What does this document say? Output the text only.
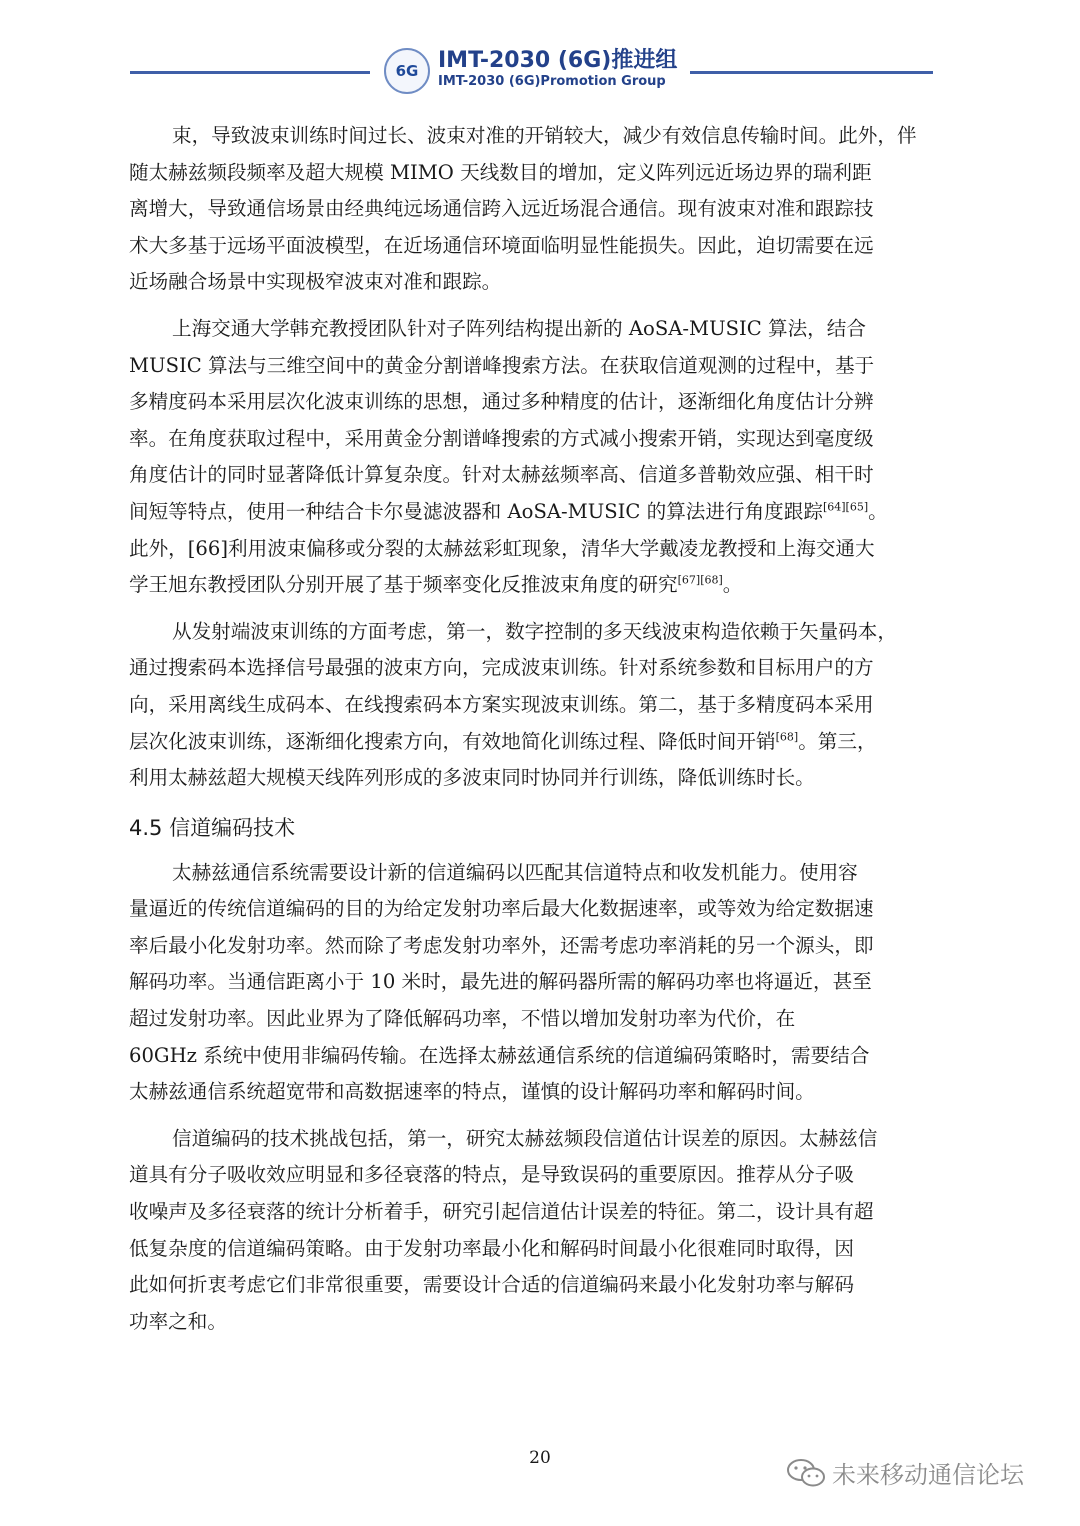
6G IMT-2030 (6G)推进组
IMT-2030 (6G)Promotion Group
束，导致波束训练时间过长、波束对准的开销较大，减少有效信息传输时间。此外，伴
随太赫兹频段频率及超大规模 MIMO 天线数目的增加，定义阵列远近场边界的瑞利距
离增大，导致通信场景由经典纯远场通信跨入远近场混合通信。现有波束对准和跟踪技
术大多基于远场平面波模型，在近场通信环境面临明显性能损失。因此，迫切需要在远
近场融合场景中实现极窄波束对准和跟踪。
上海交通大学韩充教授团队针对子阵列结构提出新的 AoSA-MUSIC 算法，结合
MUSIC 算法与三维空间中的黄金分割谱峰搜索方法。在获取信道观测的过程中，基于
多精度码本采用层次化波束训练的思想，通过多种精度的估计，逐渐细化角度估计分辨
率。在角度获取过程中，采用黄金分割谱峰搜索的方式减小搜索开销，实现达到毫度级
角度估计的同时显著降低计算复杂度。针对太赫兹频率高、信道多普勒效应强、相干时
间短等特点，使用一种结合卡尔曼滤波器和 AoSA-MUSIC 的算法进行角度跟踪[64][65]。
此外，[66]利用波束偏移或分裂的太赫兹彩虹现象，清华大学戴凌龙教授和上海交通大
学王旭东教授团队分别开展了基于频率变化反推波束角度的研究[67][68]。
从发射端波束训练的方面考虑，第一，数字控制的多天线波束构造依赖于矢量码本，
通过搜索码本选择信号最强的波束方向，完成波束训练。针对系统参数和目标用户的方
向，采用离线生成码本、在线搜索码本方案实现波束训练。第二，基于多精度码本采用
层次化波束训练，逐渐细化搜索方向，有效地简化训练过程、降低时间开销[68]。第三，
利用太赫兹超大规模天线阵列形成的多波束同时协同并行训练，降低训练时长。
4.5 信道编码技术
太赫兹通信系统需要设计新的信道编码以匹配其信道特点和收发机能力。使用容
量逼近的传统信道编码的目的为给定发射功率后最大化数据速率，或等效为给定数据速
率后最小化发射功率。然而除了考虑发射功率外，还需考虑功率消耗的另一个源头，即
解码功率。当通信距离小于 10 米时，最先进的解码器所需的解码功率也将逼近，甚至
超过发射功率。因此业界为了降低解码功率，不惜以增加发射功率为代价，在
60GHz 系统中使用非编码传输。在选择太赫兹通信系统的信道编码策略时，需要结合
太赫兹通信系统超宽带和高数据速率的特点，谨慎的设计解码功率和解码时间。
信道编码的技术挑战包括，第一，研究太赫兹频段信道估计误差的原因。太赫兹信
道具有分子吸收效应明显和多径衰落的特点，是导致误码的重要原因。推荐从分子吸
收噪声及多径衰落的统计分析着手，研究引起信道估计误差的特征。第二，设计具有超
低复杂度的信道编码策略。由于发射功率最小化和解码时间最小化很难同时取得，因
此如何折衷考虑它们非常很重要，需要设计合适的信道编码来最小化发射功率与解码
功率之和。
20
未来移动通信论坛
